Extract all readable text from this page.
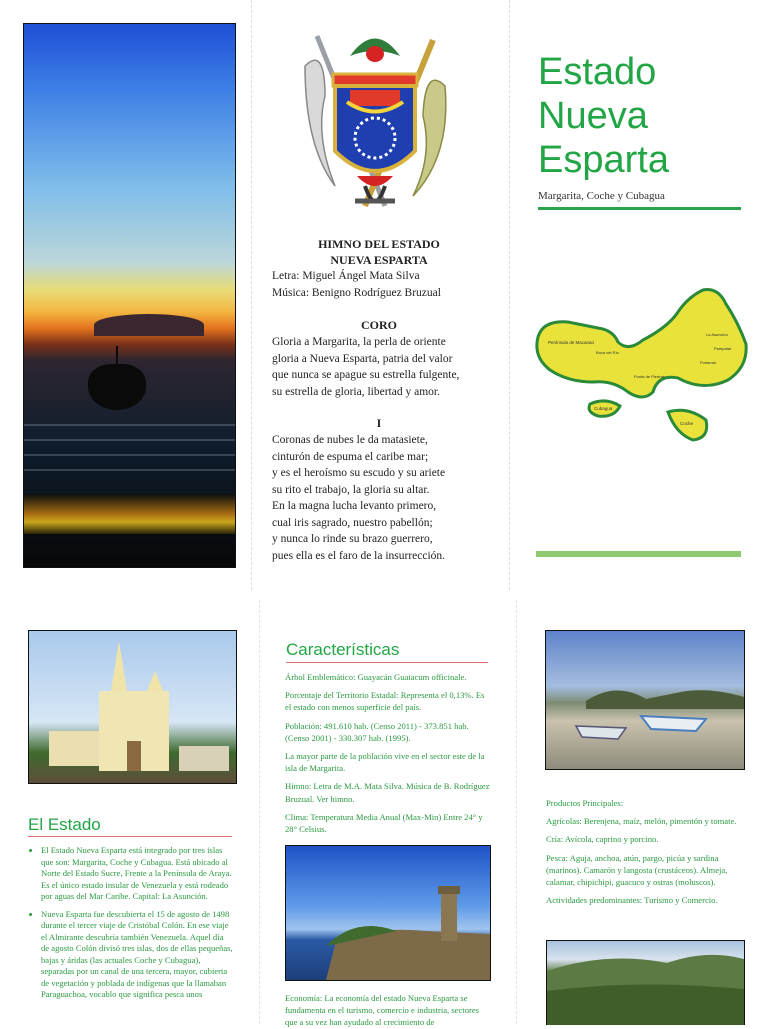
HIMNO DEL ESTADO
NUEVA ESPARTA
Letra: Miguel Ángel Mata Silva
Música: Benigno Rodríguez Bruzual
CORO
Gloria a Margarita, la perla de oriente
gloria a Nueva Esparta, patria del valor
que nunca se apague su estrella fulgente,
su estrella de gloria, libertad y amor.
I
Coronas de nubes le da matasiete,
cinturón de espuma el caribe mar;
y es el heroísmo su escudo y su ariete
su rito el trabajo, la gloria su altar.
En la magna lucha levanto primero,
cual iris sagrado, nuestro pabellón;
y nunca lo rinde su brazo guerrero,
pues ella es el faro de la insurrección.
Estado
Nueva
Esparta
Margarita, Coche y Cubagua
Península de Macanao
Boca del Río
Porlamar
La Asunción
Pampatar
Punta de Piedras
Cubagua
Coche
El Estado
• El Estado Nueva Esparta está integrado por tres islas que son: Margarita, Coche y Cubagua. Está ubicado al Norte del Estado Sucre, Frente a la Península de Araya. Es el único estado insular de Venezuela y está rodeado por aguas del Mar Caribe. Capital: La Asunción.
• Nueva Esparta fue descubierta el 15 de agosto de 1498 durante el tercer viaje de Cristóbal Colón. En ese viaje el Almirante descubría también Venezuela. Aquel día de agosto Colón divisó tres islas, dos de ellas pequeñas, bajas y áridas (las actuales Coche y Cubagua), separadas por un canal de una tercera, mayor, cubierta de vegetación y poblada de indígenas que la llamaban Paraguachoa, vocablo que significa pesca unos
Características
Árbol Emblemático: Guayacán Guaiacum officinale.
Porcentaje del Territorio Estadal: Representa el 0,13%. Es el estado con menos superficie del país.
Población: 491.610 hab. (Censo 2011) - 373.851 hab. (Censo 2001) - 330.307 hab. (1995).
La mayor parte de la población vive en el sector este de la isla de Margarita.
Himno: Letra de M.A. Mata Silva. Música de B. Rodríguez Bruzual. Ver himno.
Clima: Temperatura Media Anual (Max-Min) Entre 24° y 28° Celsius.
Economía: La economía del estado Nueva Esparta se fundamenta en el turismo, comercio e industria, sectores que a su vez han ayudado al crecimiento de
Productos Principales:
Agrícolas: Berenjena, maíz, melón, pimentón y tomate.
Cría: Avícola, caprino y porcino.
Pesca: Aguja, anchoa, atún, pargo, picúa y sardina (marinos). Camarón y langosta (crustáceos). Almeja, calamar, chipichipi, guacuco y ostras (moluscos).
Actividades predominantes: Turismo y Comercio.
